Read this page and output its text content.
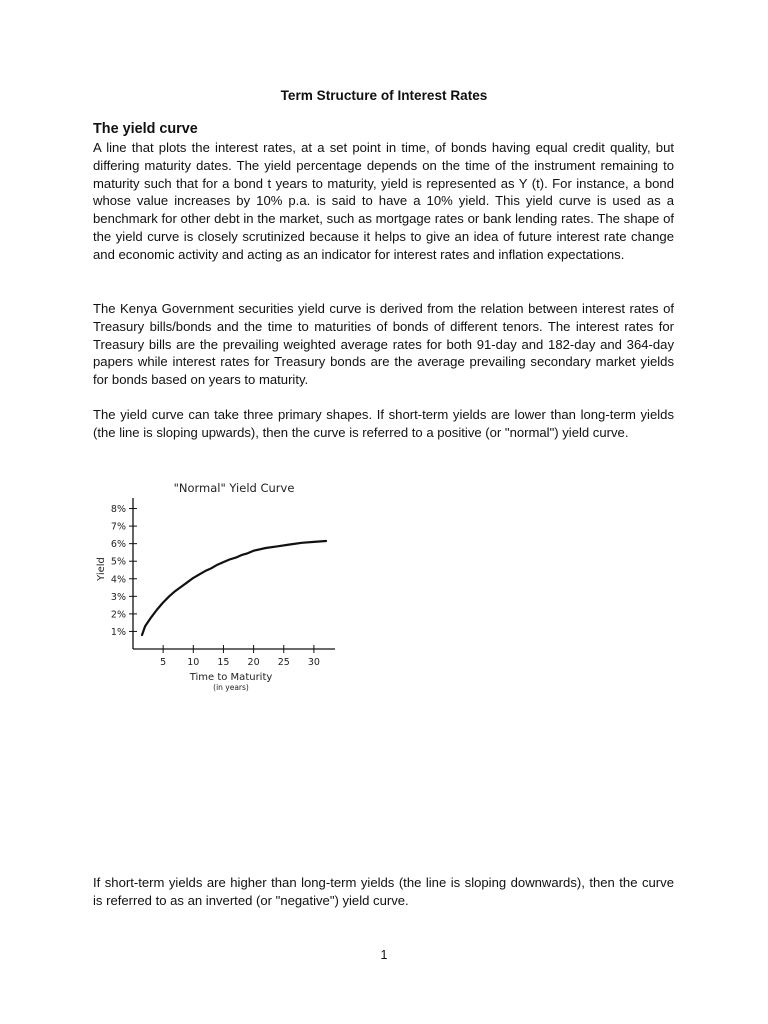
Term Structure of Interest Rates
The yield curve

A line that plots the interest rates, at a set point in time, of bonds having equal credit quality, but differing maturity dates. The yield percentage depends on the time of the instrument remaining to maturity such that for a bond t years to maturity, yield is represented as Y (t). For instance, a bond whose value increases by 10% p.a. is said to have a 10% yield. This yield curve is used as a benchmark for other debt in the market, such as mortgage rates or bank lending rates. The shape of the yield curve is closely scrutinized because it helps to give an idea of future interest rate change and economic activity and acting as an indicator for interest rates and inflation expectations.

The Kenya Government securities yield curve is derived from the relation between interest rates of Treasury bills/bonds and the time to maturities of bonds of different tenors. The interest rates for Treasury bills are the prevailing weighted average rates for both 91-day and 182-day and 364-day papers while interest rates for Treasury bonds are the average prevailing secondary market yields for bonds based on years to maturity.

The yield curve can take three primary shapes. If short-term yields are lower than long-term yields (the line is sloping upwards), then the curve is referred to a positive (or "normal") yield curve.

"Normal" Yield Curve
Yield
Time to Maturity
(in years)
5 10 15 20 25 30
1%
2%
3%
4%
5%
6%
7%
8%

If short-term yields are higher than long-term yields (the line is sloping downwards), then the curve is referred to as an inverted (or "negative") yield curve.

1
